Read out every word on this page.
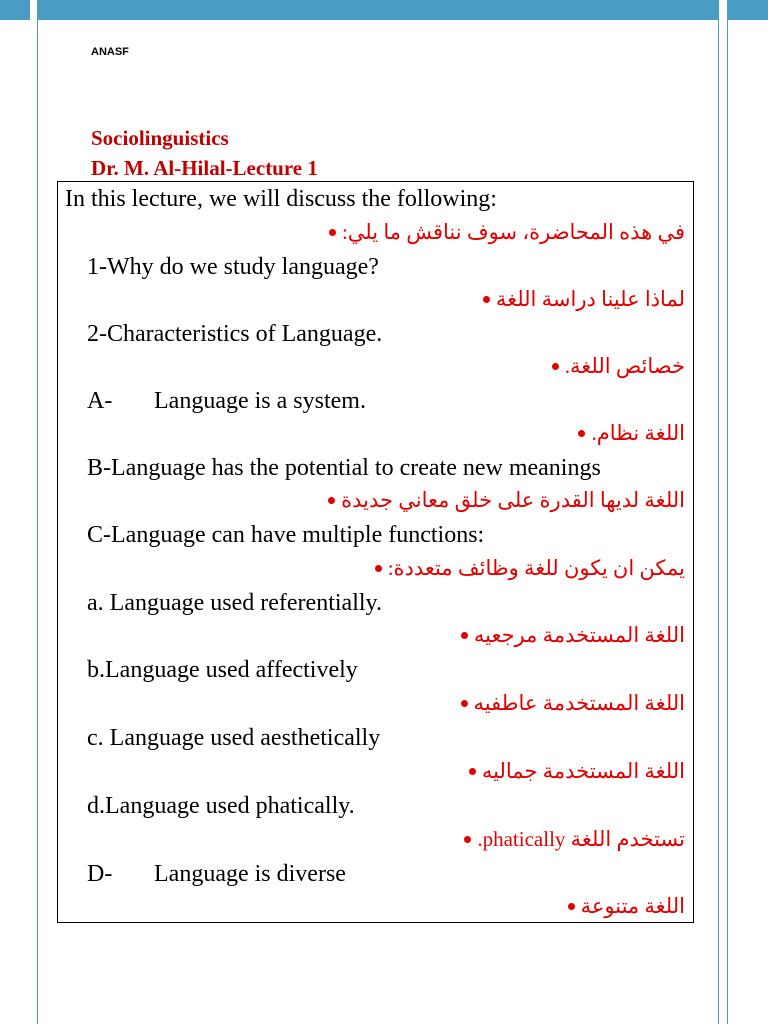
ANASF
Sociolinguistics
Dr. M. Al-Hilal-Lecture 1
In this lecture, we will discuss the following:
في هذه المحاضرة، سوف نناقش ما يلي:
1-Why do we study language?
لماذا علينا دراسة اللغة
2-Characteristics of Language.
خصائص اللغة.
A- Language is a system.
اللغة نظام.
B-Language has the potential to create new meanings
اللغة لديها القدرة على خلق معاني جديدة
C-Language can have multiple functions:
يمكن ان يكون للغة وظائف متعددة:
a. Language used referentially.
اللغة المستخدمة مرجعيه
b.Language used affectively
اللغة المستخدمة عاطفيه
c. Language used aesthetically
اللغة المستخدمة جماليه
d.Language used phatically.
تستخدم اللغة phatically.
D- Language is diverse
اللغة متنوعة
